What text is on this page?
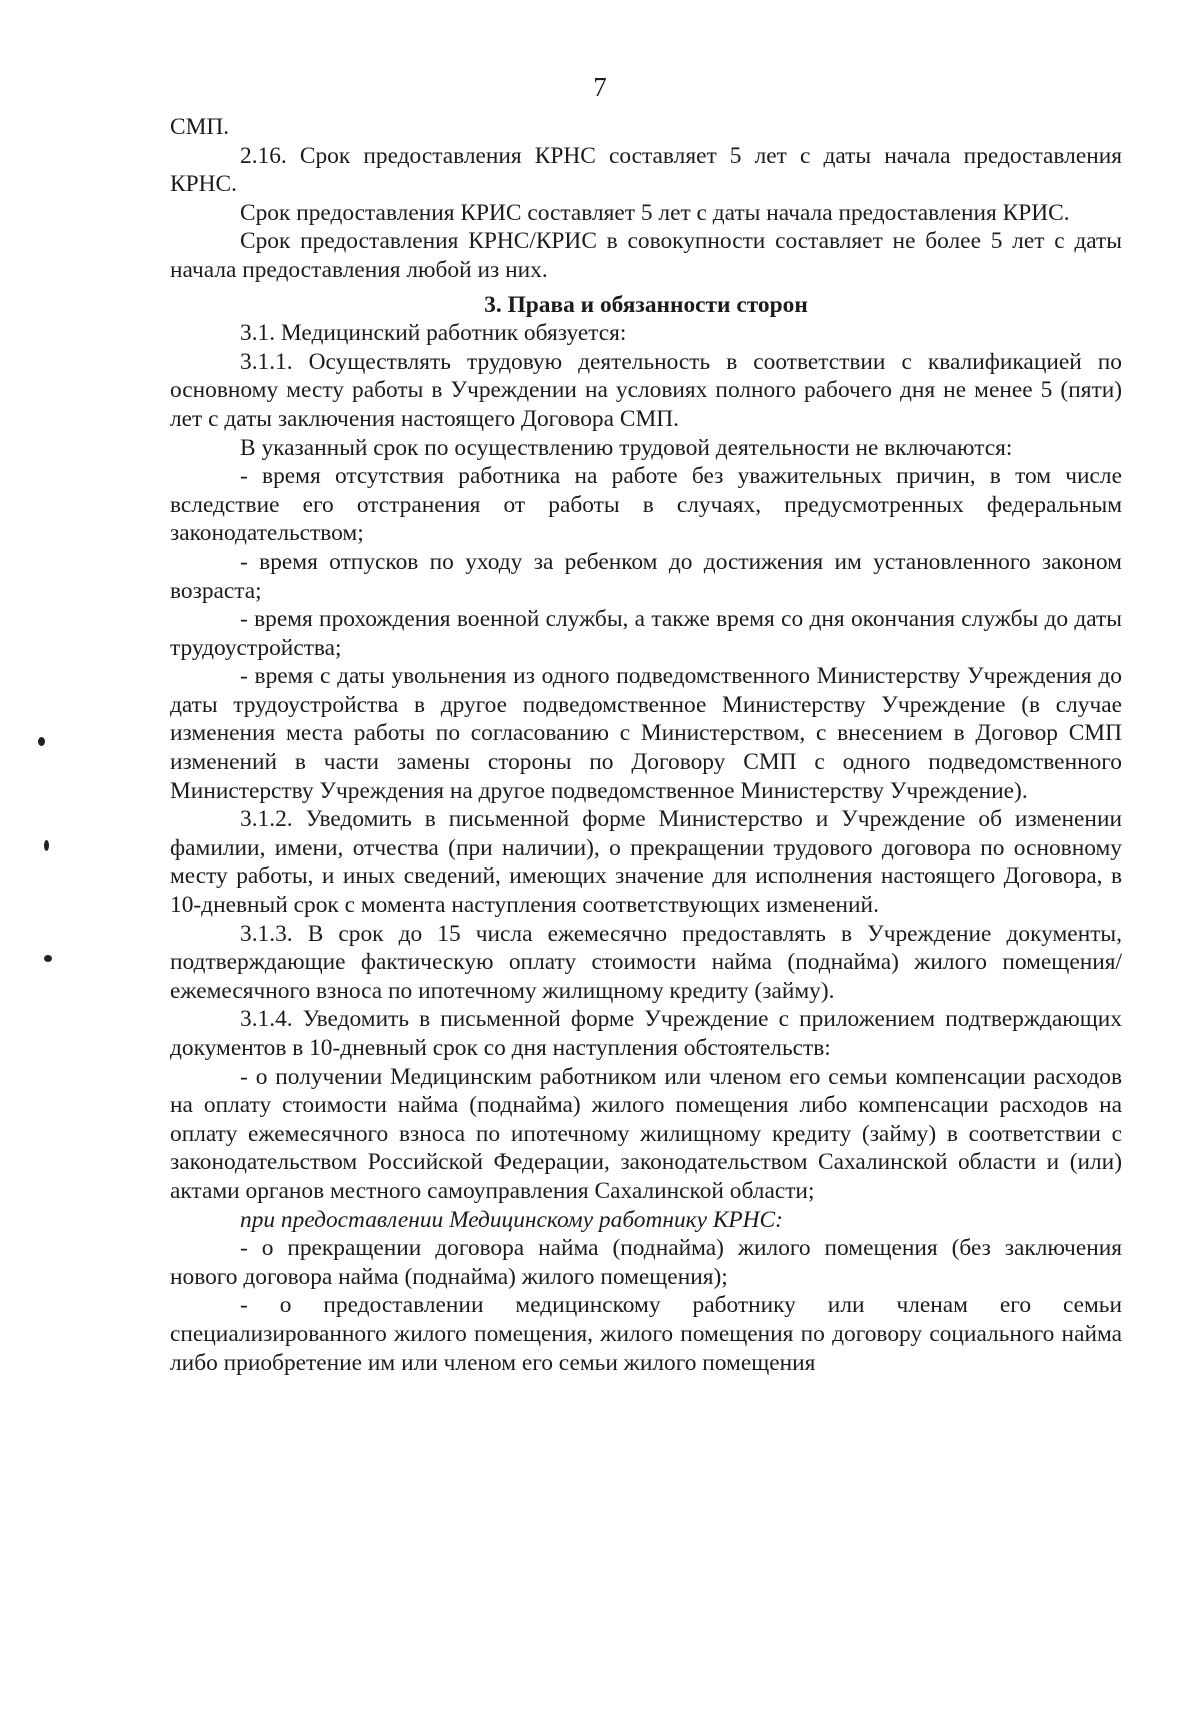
7

СМП.

2.16. Срок предоставления КРНС составляет 5 лет с даты начала предоставления КРНС.

Срок предоставления КРИС составляет 5 лет с даты начала предоставления КРИС.

Срок предоставления КРНС/КРИС в совокупности составляет не более 5 лет с даты начала предоставления любой из них.

3. Права и обязанности сторон

3.1. Медицинский работник обязуется:

3.1.1. Осуществлять трудовую деятельность в соответствии с квалификацией по основному месту работы в Учреждении на условиях полного рабочего дня не менее 5 (пяти) лет с даты заключения настоящего Договора СМП.

В указанный срок по осуществлению трудовой деятельности не включаются:

- время отсутствия работника на работе без уважительных причин, в том числе вследствие его отстранения от работы в случаях, предусмотренных федеральным законодательством;

- время отпусков по уходу за ребенком до достижения им установленного законом возраста;

- время прохождения военной службы, а также время со дня окончания службы до даты трудоустройства;

- время с даты увольнения из одного подведомственного Министерству Учреждения до даты трудоустройства в другое подведомственное Министерству Учреждение (в случае изменения места работы по согласованию с Министерством, с внесением в Договор СМП изменений в части замены стороны по Договору СМП с одного подведомственного Министерству Учреждения на другое подведомственное Министерству Учреждение).

3.1.2. Уведомить в письменной форме Министерство и Учреждение об изменении фамилии, имени, отчества (при наличии), о прекращении трудового договора по основному месту работы, и иных сведений, имеющих значение для исполнения настоящего Договора, в 10-дневный срок с момента наступления соответствующих изменений.

3.1.3. В срок до 15 числа ежемесячно предоставлять в Учреждение документы, подтверждающие фактическую оплату стоимости найма (поднайма) жилого помещения/ежемесячного взноса по ипотечному жилищному кредиту (займу).

3.1.4. Уведомить в письменной форме Учреждение с приложением подтверждающих документов в 10-дневный срок со дня наступления обстоятельств:

- о получении Медицинским работником или членом его семьи компенсации расходов на оплату стоимости найма (поднайма) жилого помещения либо компенсации расходов на оплату ежемесячного взноса по ипотечному жилищному кредиту (займу) в соответствии с законодательством Российской Федерации, законодательством Сахалинской области и (или) актами органов местного самоуправления Сахалинской области;

при предоставлении Медицинскому работнику КРНС:

- о прекращении договора найма (поднайма) жилого помещения (без заключения нового договора найма (поднайма) жилого помещения);

- о предоставлении медицинскому работнику или членам его семьи специализированного жилого помещения, жилого помещения по договору социального найма либо приобретение им или членом его семьи жилого помещения
